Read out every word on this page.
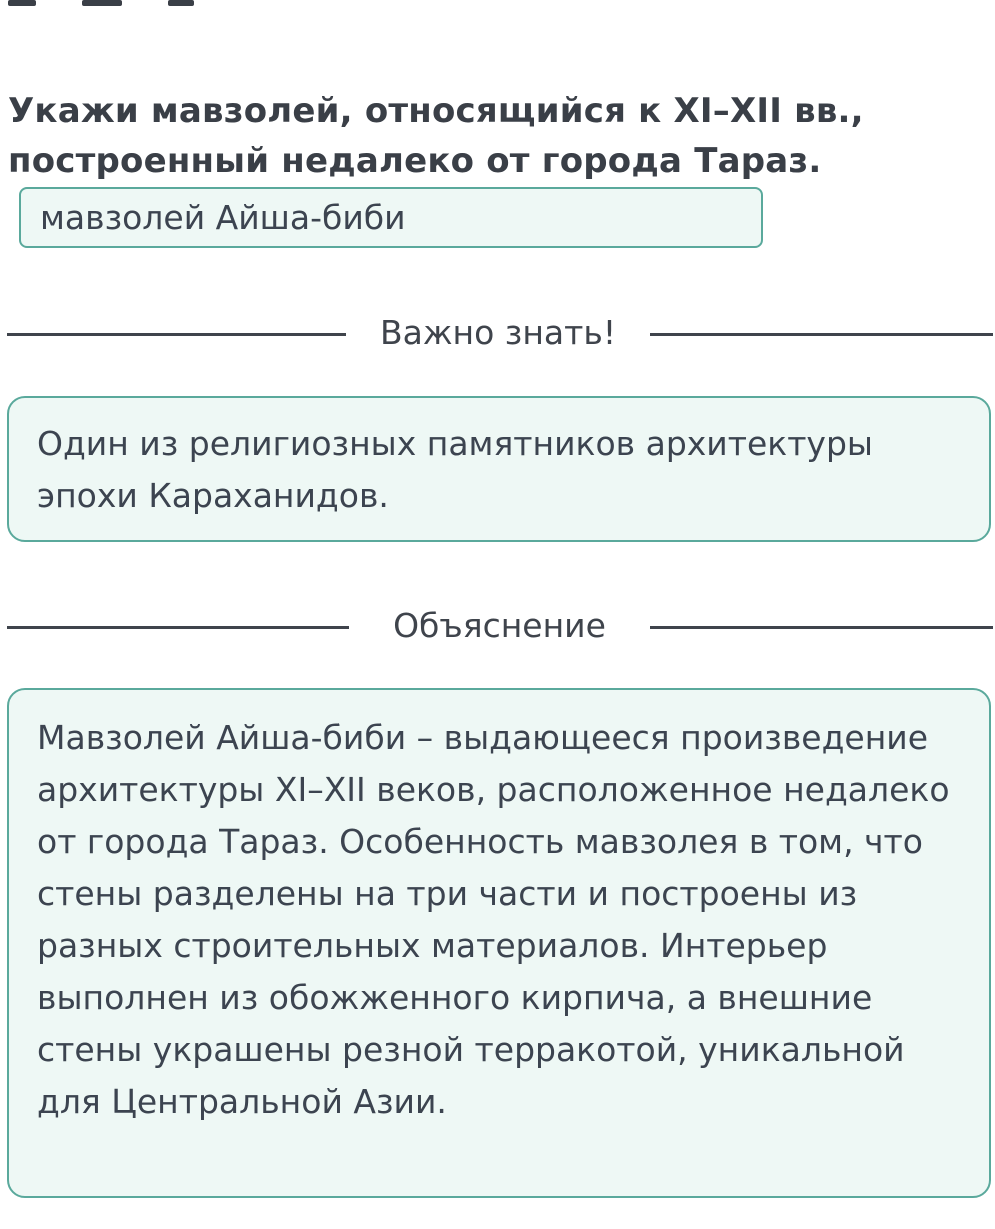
Укажи мавзолей, относящийся к XI–XII вв., построенный недалеко от города Тараз.
мавзолей Айша-биби
Важно знать!
Один из религиозных памятников архитектуры эпохи Караханидов.
Объяснение
Мавзолей Айша-биби – выдающееся произведение архитектуры XI–XII веков, расположенное недалеко от города Тараз. Особенность мавзолея в том, что стены разделены на три части и построены из разных строительных материалов. Интерьер выполнен из обожженного кирпича, а внешние стены украшены резной терракотой, уникальной для Центральной Азии.
